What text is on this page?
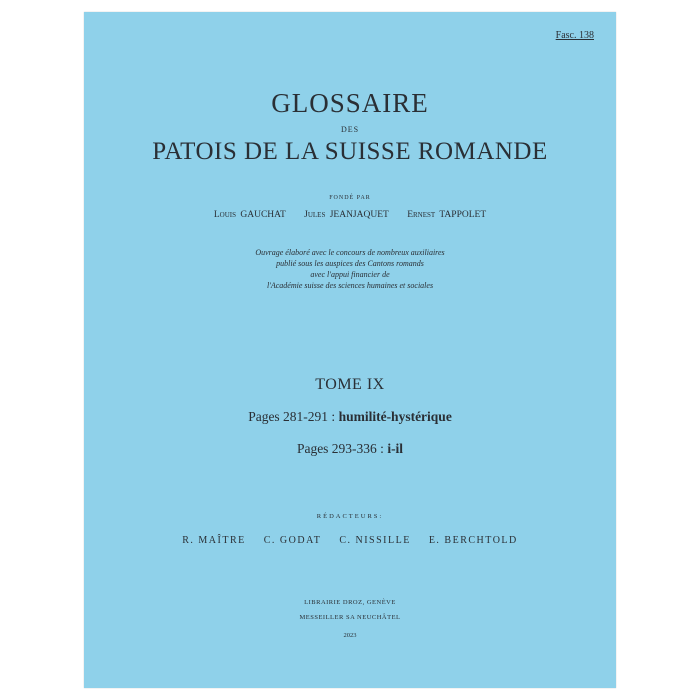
Fasc. 138
GLOSSAIRE
DES
PATOIS DE LA SUISSE ROMANDE
FONDÉ PAR
Louis GAUCHAT Jules JEANJAQUET Ernest TAPPOLET
Ouvrage élaboré avec le concours de nombreux auxiliaires
publié sous les auspices des Cantons romands
avec l'appui financier de
l'Académie suisse des sciences humaines et sociales
TOME IX
Pages 281-291 : humilité-hystérique
Pages 293-336 : i-il
RÉDACTEURS:
R. MAÎTRE C. GODAT C. NISSILLE E. BERCHTOLD
LIBRAIRIE DROZ, GENÈVE
MESSEILLER SA NEUCHÂTEL
2023
